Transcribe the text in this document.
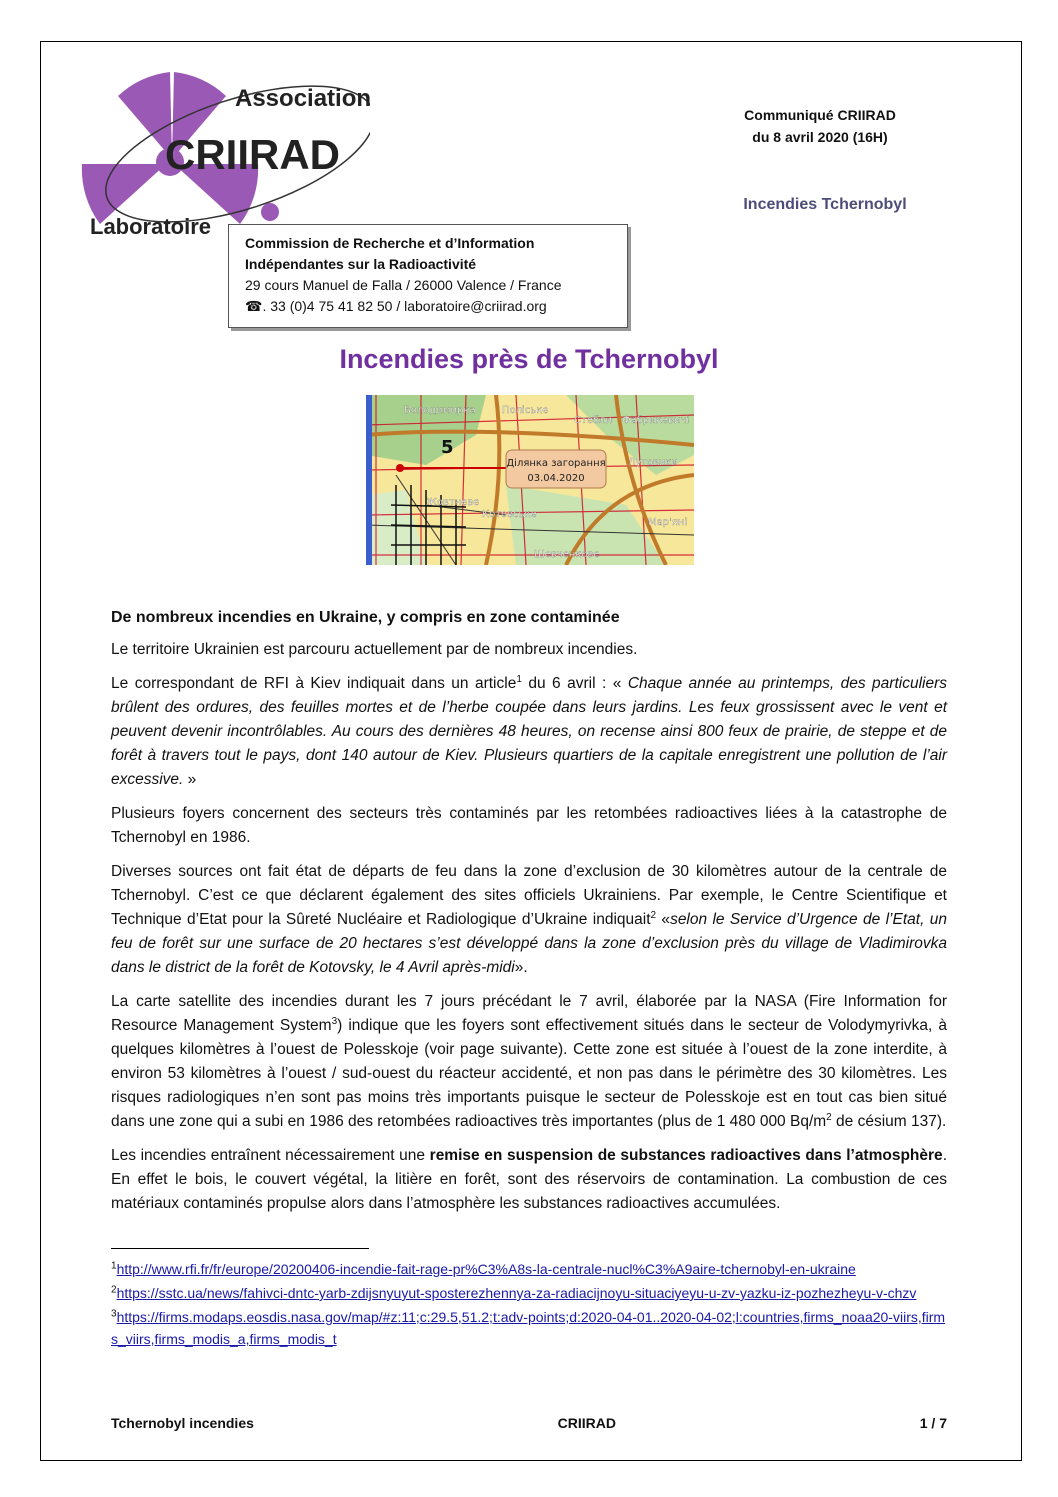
Association
CRIIRAD
Laboratoire
Commission de Recherche et d’Information
Indépendantes sur la Radioactivité
29 cours Manuel de Falla / 26000 Valence / France
☎. 33 (0)4 75 41 82 50 / laboratoire@criirad.org
Communiqué CRIIRAD
du 8 avril 2020 (16H)
Incendies Tchernobyl
Incendies près de Tchernobyl
Ділянка загорання
03.04.2020
Володимирка	Поліське
Стебли Фабрикевичі
Луговики
Жовтневе
Котовське
Шевченкове
Мар'яні
5
De nombreux incendies en Ukraine, y compris en zone contaminée

Le territoire Ukrainien est parcouru actuellement par de nombreux incendies.

Le correspondant de RFI à Kiev indiquait dans un article$^1$ du 6 avril : « Chaque année au printemps, des particuliers brûlent des ordures, des feuilles mortes et de l’herbe coupée dans leurs jardins. Les feux grossissent avec le vent et peuvent devenir incontrôlables. Au cours des dernières 48 heures, on recense ainsi 800 feux de prairie, de steppe et de forêt à travers tout le pays, dont 140 autour de Kiev. Plusieurs quartiers de la capitale enregistrent une pollution de l’air excessive. »

Plusieurs foyers concernent des secteurs très contaminés par les retombées radioactives liées à la catastrophe de Tchernobyl en 1986.

Diverses sources ont fait état de départs de feu dans la zone d’exclusion de 30 kilomètres autour de la centrale de Tchernobyl. C’est ce que déclarent également des sites officiels Ukrainiens. Par exemple, le Centre Scientifique et Technique d’Etat pour la Sûreté Nucléaire et Radiologique d’Ukraine indiquait$^2$ «selon le Service d’Urgence de l’Etat, un feu de forêt sur une surface de 20 hectares s’est développé dans la zone d’exclusion près du village de Vladimirovka dans le district de la forêt de Kotovsky, le 4 Avril après-midi».

La carte satellite des incendies durant les 7 jours précédant le 7 avril, élaborée par la NASA (Fire Information for Resource Management System$^3$) indique que les foyers sont effectivement situés dans le secteur de Volodymyrivka, à quelques kilomètres à l’ouest de Polesskoje (voir page suivante). Cette zone est située à l’ouest de la zone interdite, à environ 53 kilomètres à l’ouest / sud-ouest du réacteur accidenté, et non pas dans le périmètre des 30 kilomètres. Les risques radiologiques n’en sont pas moins très importants puisque le secteur de Polesskoje est en tout cas bien situé dans une zone qui a subi en 1986 des retombées radioactives très importantes (plus de 1 480 000 $Bq/m^2$ de césium 137).

Les incendies entraînent nécessairement une remise en suspension de substances radioactives dans l’atmosphère. En effet le bois, le couvert végétal, la litière en forêt, sont des réservoirs de contamination. La combustion de ces matériaux contaminés propulse alors dans l’atmosphère les substances radioactives accumulées.

$^1$http://www.rfi.fr/fr/europe/20200406-incendie-fait-rage-pr%C3%A8s-la-centrale-nucl%C3%A9aire-tchernobyl-en-ukraine
$^2$https://sstc.ua/news/fahivci-dntc-yarb-zdijsnyuyut-sposterezhennya-za-radiacijnoyu-situaciyeyu-u-zv-yazku-iz-pozhezheyu-v-chzv
$^3$https://firms.modaps.eosdis.nasa.gov/map/#z:11;c:29.5,51.2;t:adv-points;d:2020-04-01..2020-04-02;l:countries,firms_noaa20-viirs,firms_viirs,firms_modis_a,firms_modis_t
Tchernobyl incendies	CRIIRAD	1 / 7
